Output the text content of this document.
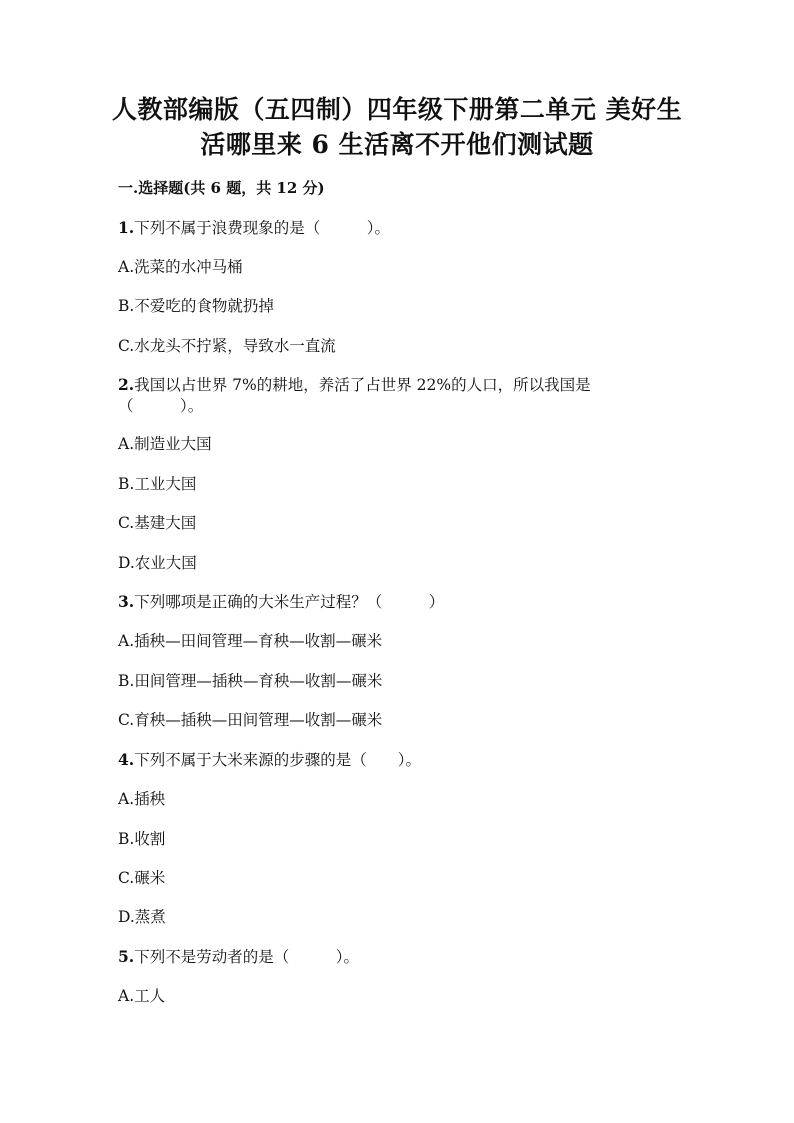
人教部编版（五四制）四年级下册第二单元 美好生
活哪里来 6 生活离不开他们测试题
一.选择题(共 6 题，共 12 分)
1.下列不属于浪费现象的是（　　　）。
A.洗菜的水冲马桶
B.不爱吃的食物就扔掉
C.水龙头不拧紧，导致水一直流
2.我国以占世界 7%的耕地，养活了占世界 22%的人口，所以我国是
（　　　）。
A.制造业大国
B.工业大国
C.基建大国
D.农业大国
3.下列哪项是正确的大米生产过程？（　　　）
A.插秧—田间管理—育秧—收割—碾米
B.田间管理—插秧—育秧—收割—碾米
C.育秧—插秧—田间管理—收割—碾米
4.下列不属于大米来源的步骤的是（　　）。
A.插秧
B.收割
C.碾米
D.蒸煮
5.下列不是劳动者的是（　　　）。
A.工人
